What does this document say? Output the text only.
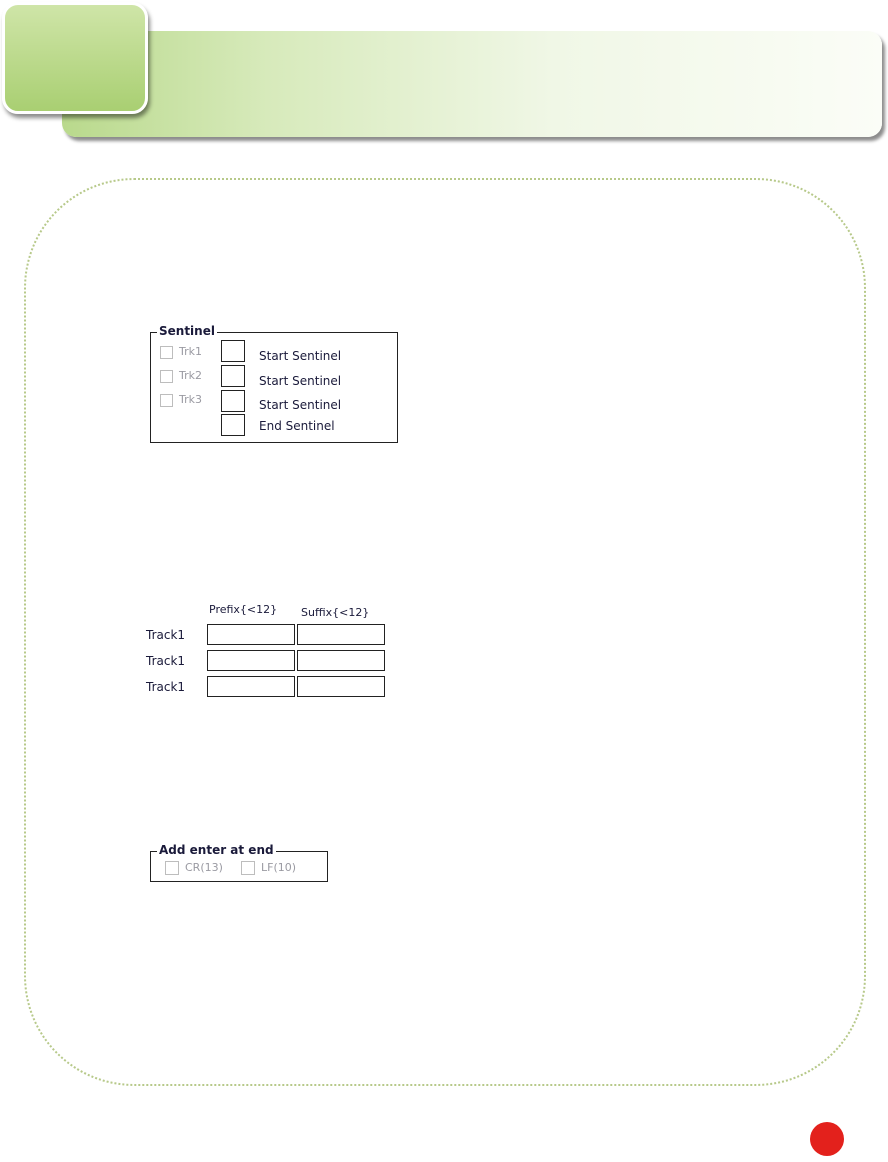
Sentinel
Trk1
Trk2
Trk3
Start Sentinel
Start Sentinel
Start Sentinel
End Sentinel
Prefix{<12} Suffix{<12}
Track1
Track1
Track1
Add enter at end
CR(13)	LF(10)
